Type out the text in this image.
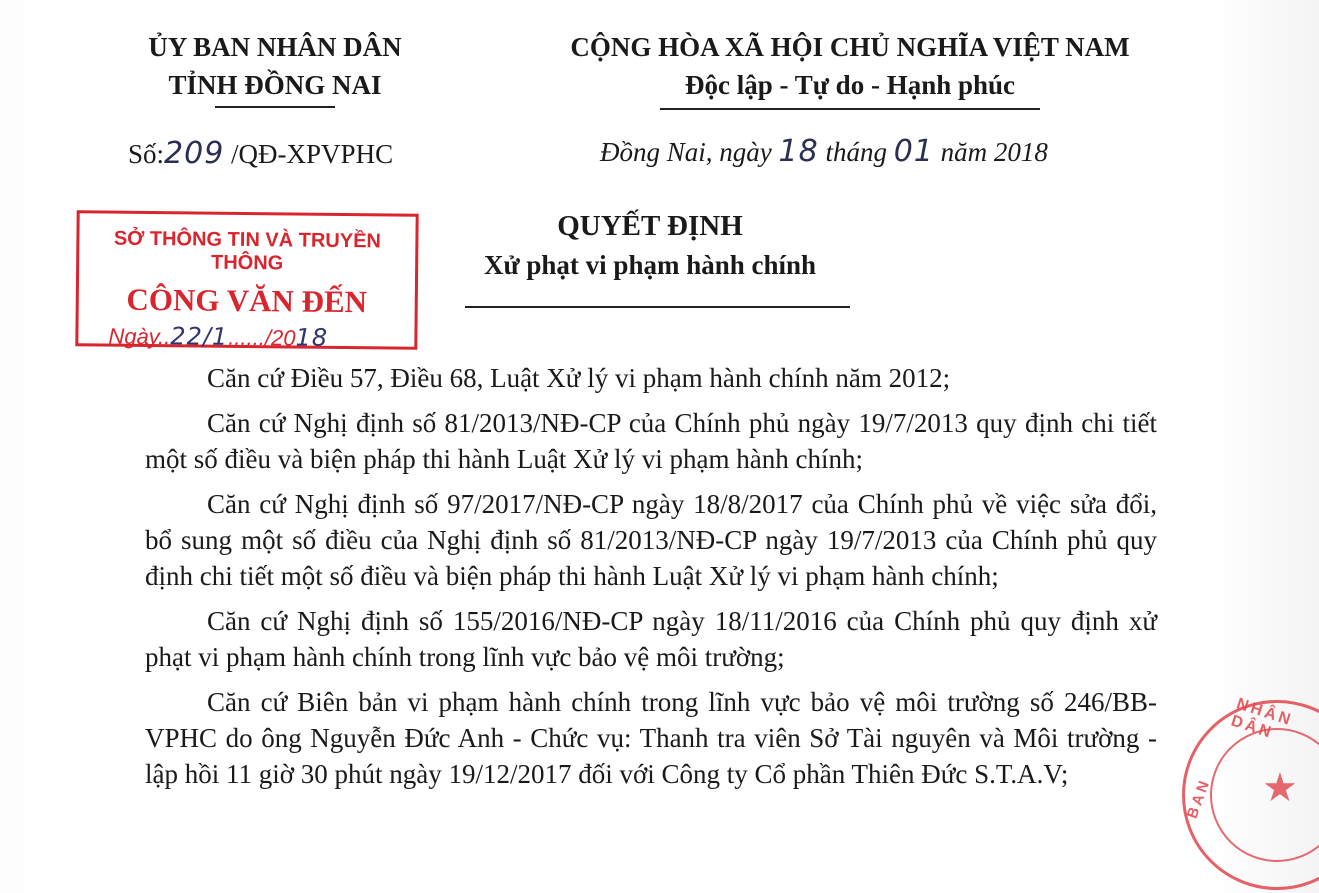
ỦY BAN NHÂN DÂN
TỈNH ĐỒNG NAI
CỘNG HÒA XÃ HỘI CHỦ NGHĨA VIỆT NAM
Độc lập - Tự do - Hạnh phúc
Số:209 /QĐ-XPVPHC	Đồng Nai, ngày 18 tháng 01 năm 2018
SỞ THÔNG TIN VÀ TRUYỀN THÔNG
CÔNG VĂN ĐẾN
Ngày..22/1....../2018
QUYẾT ĐỊNH
Xử phạt vi phạm hành chính

Căn cứ Điều 57, Điều 68, Luật Xử lý vi phạm hành chính năm 2012;

Căn cứ Nghị định số 81/2013/NĐ-CP của Chính phủ ngày 19/7/2013 quy định chi tiết một số điều và biện pháp thi hành Luật Xử lý vi phạm hành chính;

Căn cứ Nghị định số 97/2017/NĐ-CP ngày 18/8/2017 của Chính phủ về việc sửa đổi, bổ sung một số điều của Nghị định số 81/2013/NĐ-CP ngày 19/7/2013 của Chính phủ quy định chi tiết một số điều và biện pháp thi hành Luật Xử lý vi phạm hành chính;

Căn cứ Nghị định số 155/2016/NĐ-CP ngày 18/11/2016 của Chính phủ quy định xử phạt vi phạm hành chính trong lĩnh vực bảo vệ môi trường;

Căn cứ Biên bản vi phạm hành chính trong lĩnh vực bảo vệ môi trường số 246/BB-VPHC do ông Nguyễn Đức Anh - Chức vụ: Thanh tra viên Sở Tài nguyên và Môi trường - lập hồi 11 giờ 30 phút ngày 19/12/2017 đối với Công ty Cổ phần Thiên Đức S.T.A.V;	★
NHÂN DÂN
BAN
